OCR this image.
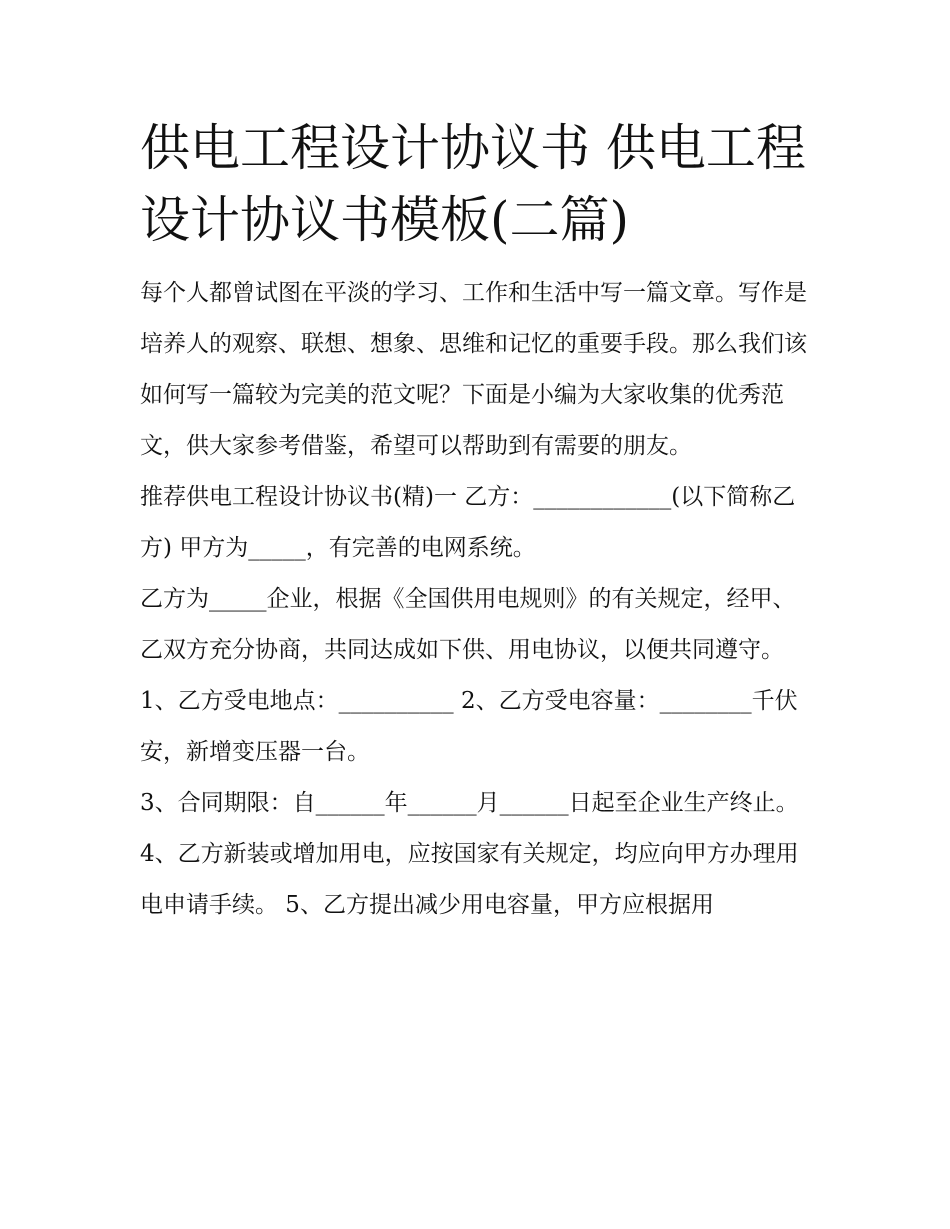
供电工程设计协议书 供电工程设计协议书模板(二篇)

每个人都曾试图在平淡的学习、工作和生活中写一篇文章。写作是培养人的观察、联想、想象、思维和记忆的重要手段。那么我们该如何写一篇较为完美的范文呢？下面是小编为大家收集的优秀范文，供大家参考借鉴，希望可以帮助到有需要的朋友。

推荐供电工程设计协议书(精)一 乙方：____________(以下简称乙方) 甲方为_____，有完善的电网系统。

乙方为_____企业，根据《全国供用电规则》的有关规定，经甲、乙双方充分协商，共同达成如下供、用电协议，以便共同遵守。

1、乙方受电地点：__________ 2、乙方受电容量：________千伏安，新增变压器一台。

3、合同期限：自______年______月______日起至企业生产终止。

4、乙方新装或增加用电，应按国家有关规定，均应向甲方办理用电申请手续。 5、乙方提出减少用电容量，甲方应根据用
